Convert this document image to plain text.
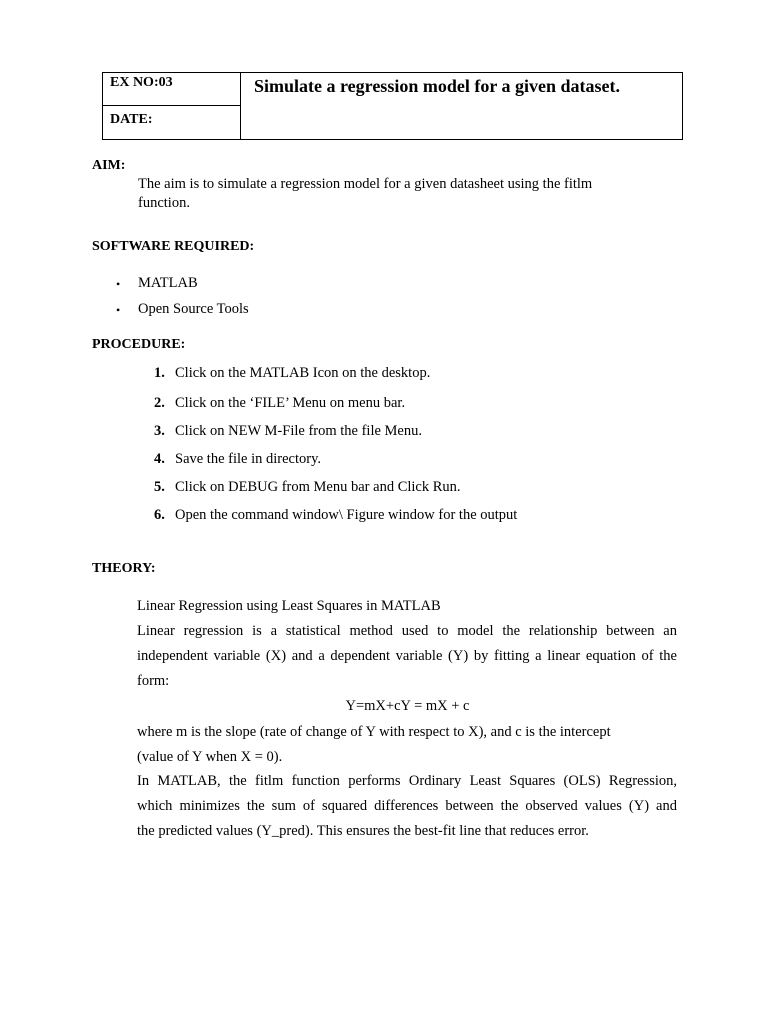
EX NO:03
DATE:
Simulate a regression model for a given dataset.
AIM:
The aim is to simulate a regression model for a given datasheet using the fitlm
function.
SOFTWARE REQUIRED:
• MATLAB
• Open Source Tools
PROCEDURE:
1. Click on the MATLAB Icon on the desktop.
2. Click on the ‘FILE’ Menu on menu bar.
3. Click on NEW M-File from the file Menu.
4. Save the file in directory.
5. Click on DEBUG from Menu bar and Click Run.
6. Open the command window\ Figure window for the output
THEORY:
Linear Regression using Least Squares in MATLAB
Linear regression is a statistical method used to model the relationship between an
independent variable (X) and a dependent variable (Y) by fitting a linear equation of the
form:
Y=mX+cY = mX + c
where m is the slope (rate of change of Y with respect to X), and c is the intercept
(value of Y when X = 0).
In MATLAB, the fitlm function performs Ordinary Least Squares (OLS) Regression,
which minimizes the sum of squared differences between the observed values (Y) and
the predicted values (Y_pred). This ensures the best-fit line that reduces error.
